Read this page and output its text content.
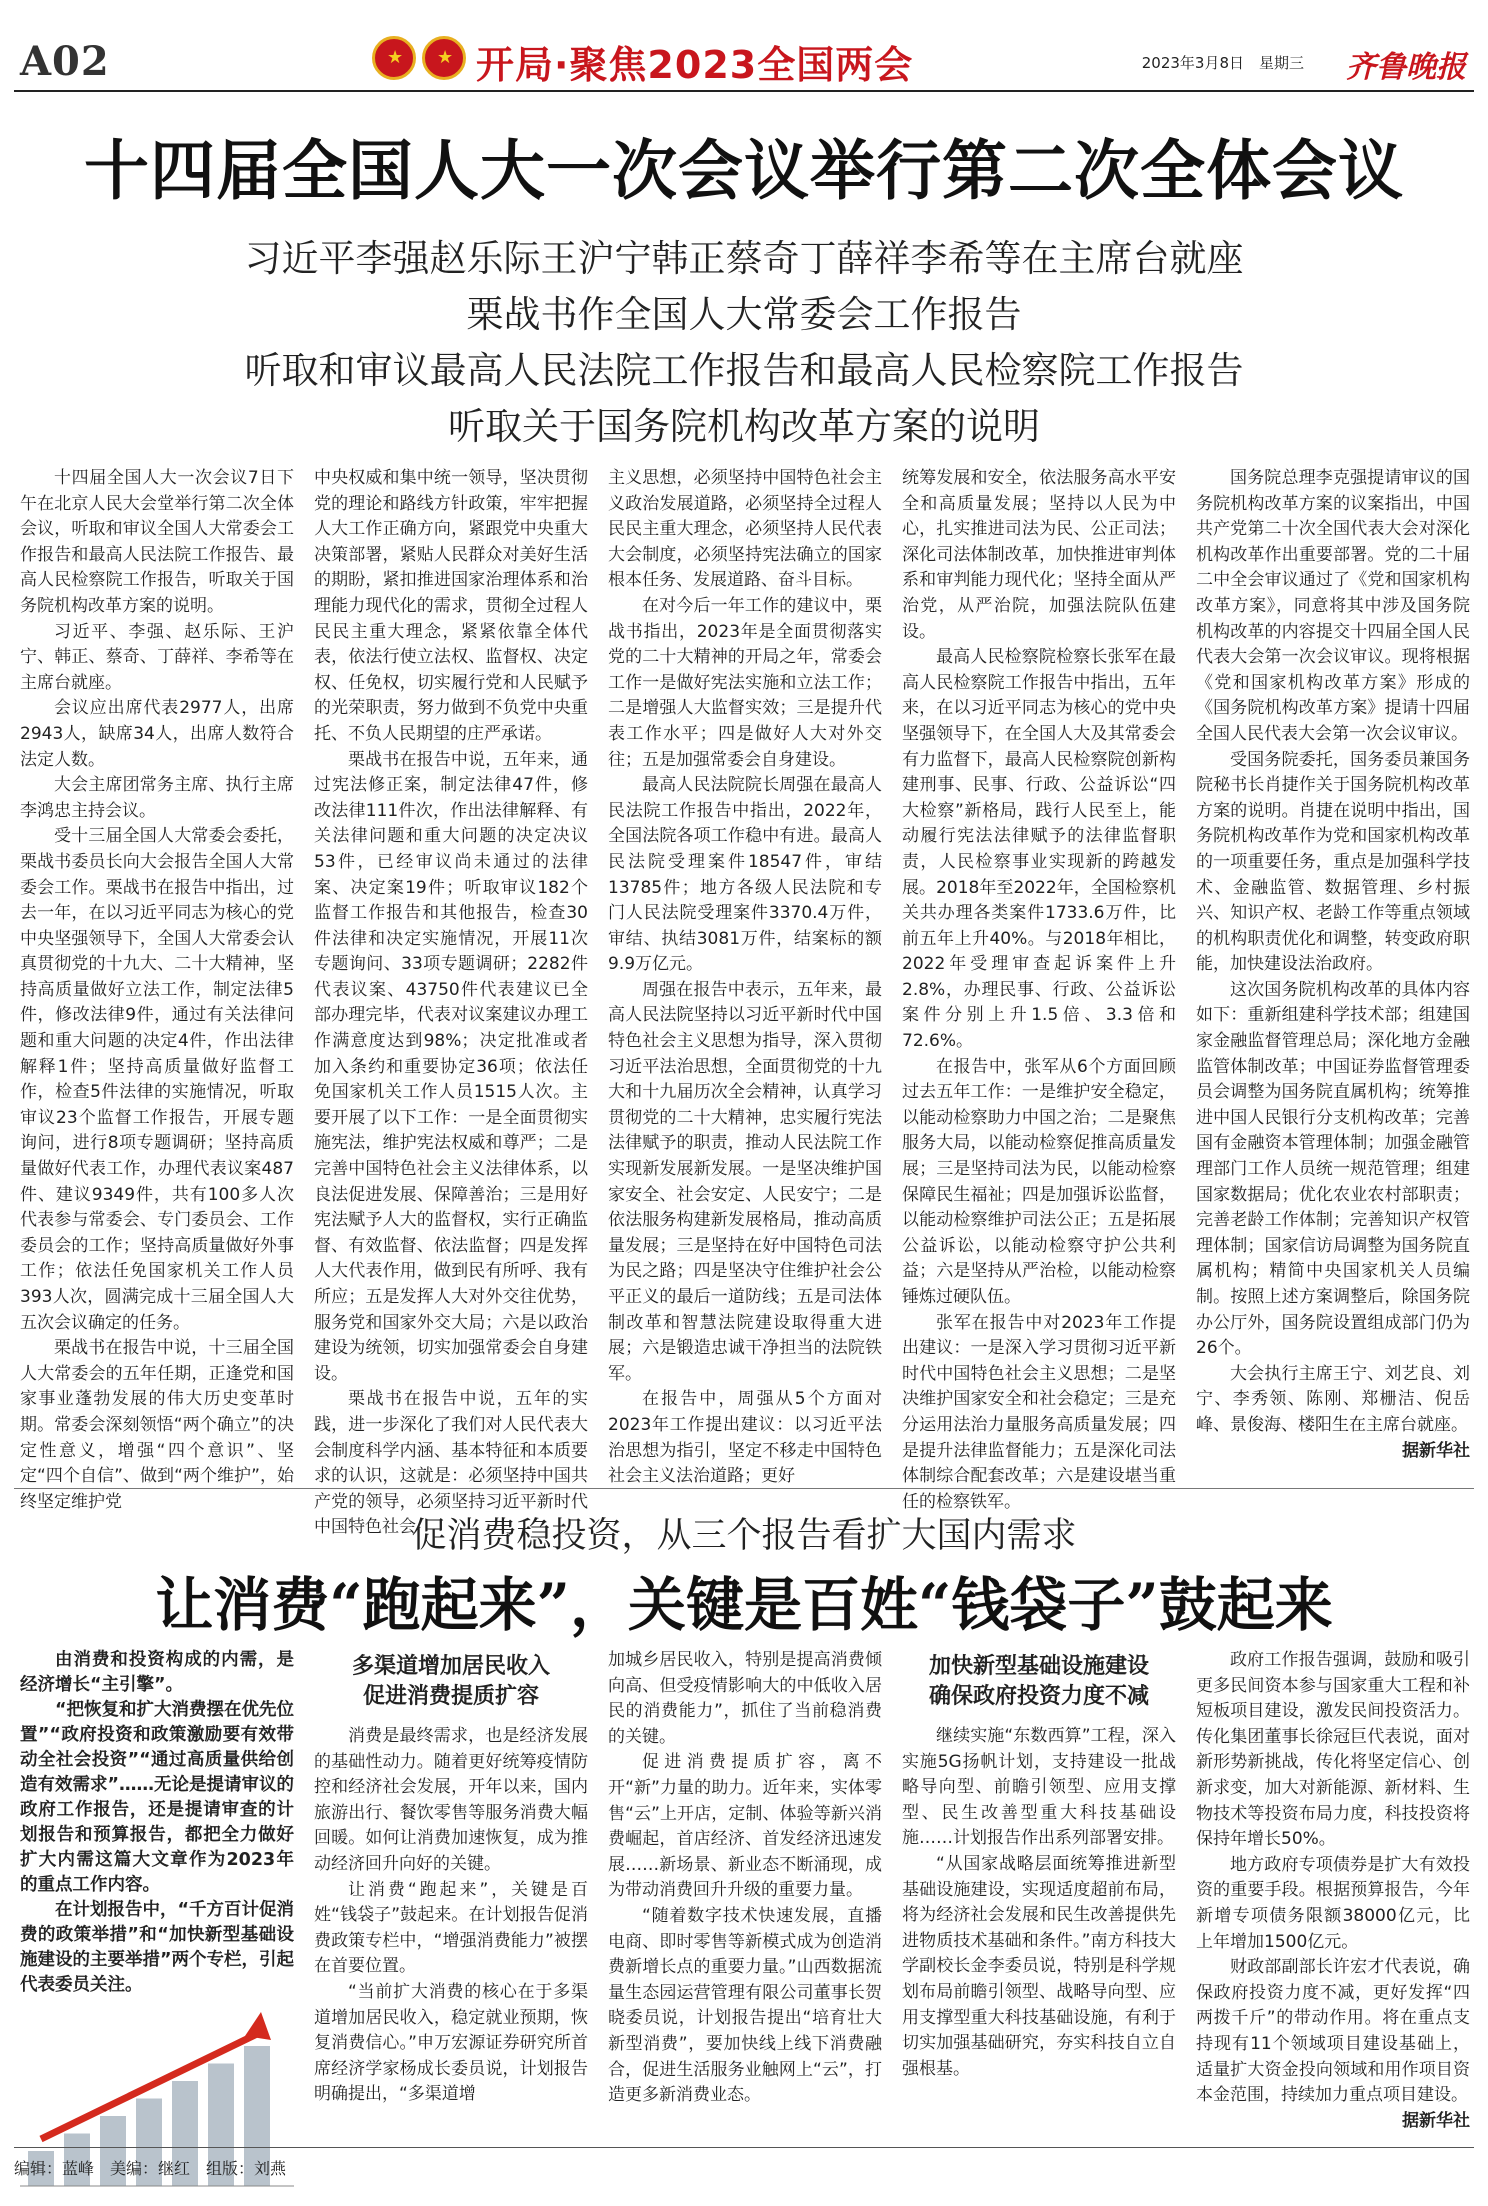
A02	★ ★ 开局·聚焦2023全国两会	2023年3月8日　星期三 齐鲁晚报
十四届全国人大一次会议举行第二次全体会议
习近平李强赵乐际王沪宁韩正蔡奇丁薛祥李希等在主席台就座
栗战书作全国人大常委会工作报告
听取和审议最高人民法院工作报告和最高人民检察院工作报告
听取关于国务院机构改革方案的说明

十四届全国人大一次会议7日下午在北京人民大会堂举行第二次全体会议，听取和审议全国人大常委会工作报告和最高人民法院工作报告、最高人民检察院工作报告，听取关于国务院机构改革方案的说明。

习近平、李强、赵乐际、王沪宁、韩正、蔡奇、丁薛祥、李希等在主席台就座。

会议应出席代表2977人，出席2943人，缺席34人，出席人数符合法定人数。

大会主席团常务主席、执行主席李鸿忠主持会议。

受十三届全国人大常委会委托，栗战书委员长向大会报告全国人大常委会工作。栗战书在报告中指出，过去一年，在以习近平同志为核心的党中央坚强领导下，全国人大常委会认真贯彻党的十九大、二十大精神，坚持高质量做好立法工作，制定法律5件，修改法律9件，通过有关法律问题和重大问题的决定4件，作出法律解释1件；坚持高质量做好监督工作，检查5件法律的实施情况，听取审议23个监督工作报告，开展专题询问，进行8项专题调研；坚持高质量做好代表工作，办理代表议案487件、建议9349件，共有100多人次代表参与常委会、专门委员会、工作委员会的工作；坚持高质量做好外事工作；依法任免国家机关工作人员393人次，圆满完成十三届全国人大五次会议确定的任务。

栗战书在报告中说，十三届全国人大常委会的五年任期，正逢党和国家事业蓬勃发展的伟大历史变革时期。常委会深刻领悟“两个确立”的决定性意义，增强“四个意识”、坚定“四个自信”、做到“两个维护”，始终坚定维护党

中央权威和集中统一领导，坚决贯彻党的理论和路线方针政策，牢牢把握人大工作正确方向，紧跟党中央重大决策部署，紧贴人民群众对美好生活的期盼，紧扣推进国家治理体系和治理能力现代化的需求，贯彻全过程人民民主重大理念，紧紧依靠全体代表，依法行使立法权、监督权、决定权、任免权，切实履行党和人民赋予的光荣职责，努力做到不负党中央重托、不负人民期望的庄严承诺。

栗战书在报告中说，五年来，通过宪法修正案，制定法律47件，修改法律111件次，作出法律解释、有关法律问题和重大问题的决定决议53件，已经审议尚未通过的法律案、决定案19件；听取审议182个监督工作报告和其他报告，检查30件法律和决定实施情况，开展11次专题询问、33项专题调研；2282件代表议案、43750件代表建议已全部办理完毕，代表对议案建议办理工作满意度达到98%；决定批准或者加入条约和重要协定36项；依法任免国家机关工作人员1515人次。主要开展了以下工作：一是全面贯彻实施宪法，维护宪法权威和尊严；二是完善中国特色社会主义法律体系，以良法促进发展、保障善治；三是用好宪法赋予人大的监督权，实行正确监督、有效监督、依法监督；四是发挥人大代表作用，做到民有所呼、我有所应；五是发挥人大对外交往优势，服务党和国家外交大局；六是以政治建设为统领，切实加强常委会自身建设。

栗战书在报告中说，五年的实践，进一步深化了我们对人民代表大会制度科学内涵、基本特征和本质要求的认识，这就是：必须坚持中国共产党的领导，必须坚持习近平新时代中国特色社会

主义思想，必须坚持中国特色社会主义政治发展道路，必须坚持全过程人民民主重大理念，必须坚持人民代表大会制度，必须坚持宪法确立的国家根本任务、发展道路、奋斗目标。

在对今后一年工作的建议中，栗战书指出，2023年是全面贯彻落实党的二十大精神的开局之年，常委会工作一是做好宪法实施和立法工作；二是增强人大监督实效；三是提升代表工作水平；四是做好人大对外交往；五是加强常委会自身建设。

最高人民法院院长周强在最高人民法院工作报告中指出，2022年，全国法院各项工作稳中有进。最高人民法院受理案件18547件，审结13785件；地方各级人民法院和专门人民法院受理案件3370.4万件，审结、执结3081万件，结案标的额9.9万亿元。

周强在报告中表示，五年来，最高人民法院坚持以习近平新时代中国特色社会主义思想为指导，深入贯彻习近平法治思想，全面贯彻党的十九大和十九届历次全会精神，认真学习贯彻党的二十大精神，忠实履行宪法法律赋予的职责，推动人民法院工作实现新发展新发展。一是坚决维护国家安全、社会安定、人民安宁；二是依法服务构建新发展格局，推动高质量发展；三是坚持在好中国特色司法为民之路；四是坚决守住维护社会公平正义的最后一道防线；五是司法体制改革和智慧法院建设取得重大进展；六是锻造忠诚干净担当的法院铁军。

在报告中，周强从5个方面对2023年工作提出建议：以习近平法治思想为指引，坚定不移走中国特色社会主义法治道路；更好

统筹发展和安全，依法服务高水平安全和高质量发展；坚持以人民为中心，扎实推进司法为民、公正司法；深化司法体制改革，加快推进审判体系和审判能力现代化；坚持全面从严治党，从严治院，加强法院队伍建设。

最高人民检察院检察长张军在最高人民检察院工作报告中指出，五年来，在以习近平同志为核心的党中央坚强领导下，在全国人大及其常委会有力监督下，最高人民检察院创新构建刑事、民事、行政、公益诉讼“四大检察”新格局，践行人民至上，能动履行宪法法律赋予的法律监督职责，人民检察事业实现新的跨越发展。2018年至2022年，全国检察机关共办理各类案件1733.6万件，比前五年上升40%。与2018年相比，2022年受理审查起诉案件上升2.8%，办理民事、行政、公益诉讼案件分别上升1.5倍、3.3倍和72.6%。

在报告中，张军从6个方面回顾过去五年工作：一是维护安全稳定，以能动检察助力中国之治；二是聚焦服务大局，以能动检察促推高质量发展；三是坚持司法为民，以能动检察保障民生福祉；四是加强诉讼监督，以能动检察维护司法公正；五是拓展公益诉讼，以能动检察守护公共利益；六是坚持从严治检，以能动检察锤炼过硬队伍。

张军在报告中对2023年工作提出建议：一是深入学习贯彻习近平新时代中国特色社会主义思想；二是坚决维护国家安全和社会稳定；三是充分运用法治力量服务高质量发展；四是提升法律监督能力；五是深化司法体制综合配套改革；六是建设堪当重任的检察铁军。

国务院总理李克强提请审议的国务院机构改革方案的议案指出，中国共产党第二十次全国代表大会对深化机构改革作出重要部署。党的二十届二中全会审议通过了《党和国家机构改革方案》，同意将其中涉及国务院机构改革的内容提交十四届全国人民代表大会第一次会议审议。现将根据《党和国家机构改革方案》形成的《国务院机构改革方案》提请十四届全国人民代表大会第一次会议审议。

受国务院委托，国务委员兼国务院秘书长肖捷作关于国务院机构改革方案的说明。肖捷在说明中指出，国务院机构改革作为党和国家机构改革的一项重要任务，重点是加强科学技术、金融监管、数据管理、乡村振兴、知识产权、老龄工作等重点领域的机构职责优化和调整，转变政府职能，加快建设法治政府。

这次国务院机构改革的具体内容如下：重新组建科学技术部；组建国家金融监督管理总局；深化地方金融监管体制改革；中国证券监督管理委员会调整为国务院直属机构；统筹推进中国人民银行分支机构改革；完善国有金融资本管理体制；加强金融管理部门工作人员统一规范管理；组建国家数据局；优化农业农村部职责；完善老龄工作体制；完善知识产权管理体制；国家信访局调整为国务院直属机构；精简中央国家机关人员编制。按照上述方案调整后，除国务院办公厅外，国务院设置组成部门仍为26个。

大会执行主席王宁、刘艺良、刘宁、李秀领、陈刚、郑栅洁、倪岳峰、景俊海、楼阳生在主席台就座。

据新华社

促消费稳投资，从三个报告看扩大国内需求
让消费“跑起来”，关键是百姓“钱袋子”鼓起来

由消费和投资构成的内需，是经济增长“主引擎”。

“把恢复和扩大消费摆在优先位置”“政府投资和政策激励要有效带动全社会投资”“通过高质量供给创造有效需求”……无论是提请审议的政府工作报告，还是提请审查的计划报告和预算报告，都把全力做好扩大内需这篇大文章作为2023年的重点工作内容。

在计划报告中，“千方百计促消费的政策举措”和“加快新型基础设施建设的主要举措”两个专栏，引起代表委员关注。

多渠道增加居民收入
促进消费提质扩容

消费是最终需求，也是经济发展的基础性动力。随着更好统筹疫情防控和经济社会发展，开年以来，国内旅游出行、餐饮零售等服务消费大幅回暖。如何让消费加速恢复，成为推动经济回升向好的关键。

让消费“跑起来”，关键是百姓“钱袋子”鼓起来。在计划报告促消费政策专栏中，“增强消费能力”被摆在首要位置。

“当前扩大消费的核心在于多渠道增加居民收入，稳定就业预期，恢复消费信心。”申万宏源证券研究所首席经济学家杨成长委员说，计划报告明确提出，“多渠道增

加城乡居民收入，特别是提高消费倾向高、但受疫情影响大的中低收入居民的消费能力”，抓住了当前稳消费的关键。

促进消费提质扩容，离不开“新”力量的助力。近年来，实体零售“云”上开店，定制、体验等新兴消费崛起，首店经济、首发经济迅速发展……新场景、新业态不断涌现，成为带动消费回升升级的重要力量。

“随着数字技术快速发展，直播电商、即时零售等新模式成为创造消费新增长点的重要力量。”山西数据流量生态园运营管理有限公司董事长贺晓委员说，计划报告提出“培育壮大新型消费”，要加快线上线下消费融合，促进生活服务业触网上“云”，打造更多新消费业态。

加快新型基础设施建设
确保政府投资力度不减

继续实施“东数西算”工程，深入实施5G扬帆计划，支持建设一批战略导向型、前瞻引领型、应用支撑型、民生改善型重大科技基础设施……计划报告作出系列部署安排。

“从国家战略层面统筹推进新型基础设施建设，实现适度超前布局，将为经济社会发展和民生改善提供先进物质技术基础和条件。”南方科技大学副校长金李委员说，特别是科学规划布局前瞻引领型、战略导向型、应用支撑型重大科技基础设施，有利于切实加强基础研究，夯实科技自立自强根基。

政府工作报告强调，鼓励和吸引更多民间资本参与国家重大工程和补短板项目建设，激发民间投资活力。传化集团董事长徐冠巨代表说，面对新形势新挑战，传化将坚定信心、创新求变，加大对新能源、新材料、生物技术等投资布局力度，科技投资将保持年增长50%。

地方政府专项债券是扩大有效投资的重要手段。根据预算报告，今年新增专项债务限额38000亿元，比上年增加1500亿元。

财政部副部长许宏才代表说，确保政府投资力度不减，更好发挥“四两拨千斤”的带动作用。将在重点支持现有11个领域项目建设基础上，适量扩大资金投向领域和用作项目资本金范围，持续加力重点项目建设。

据新华社

编辑：蓝峰　美编：继红　组版：刘燕
